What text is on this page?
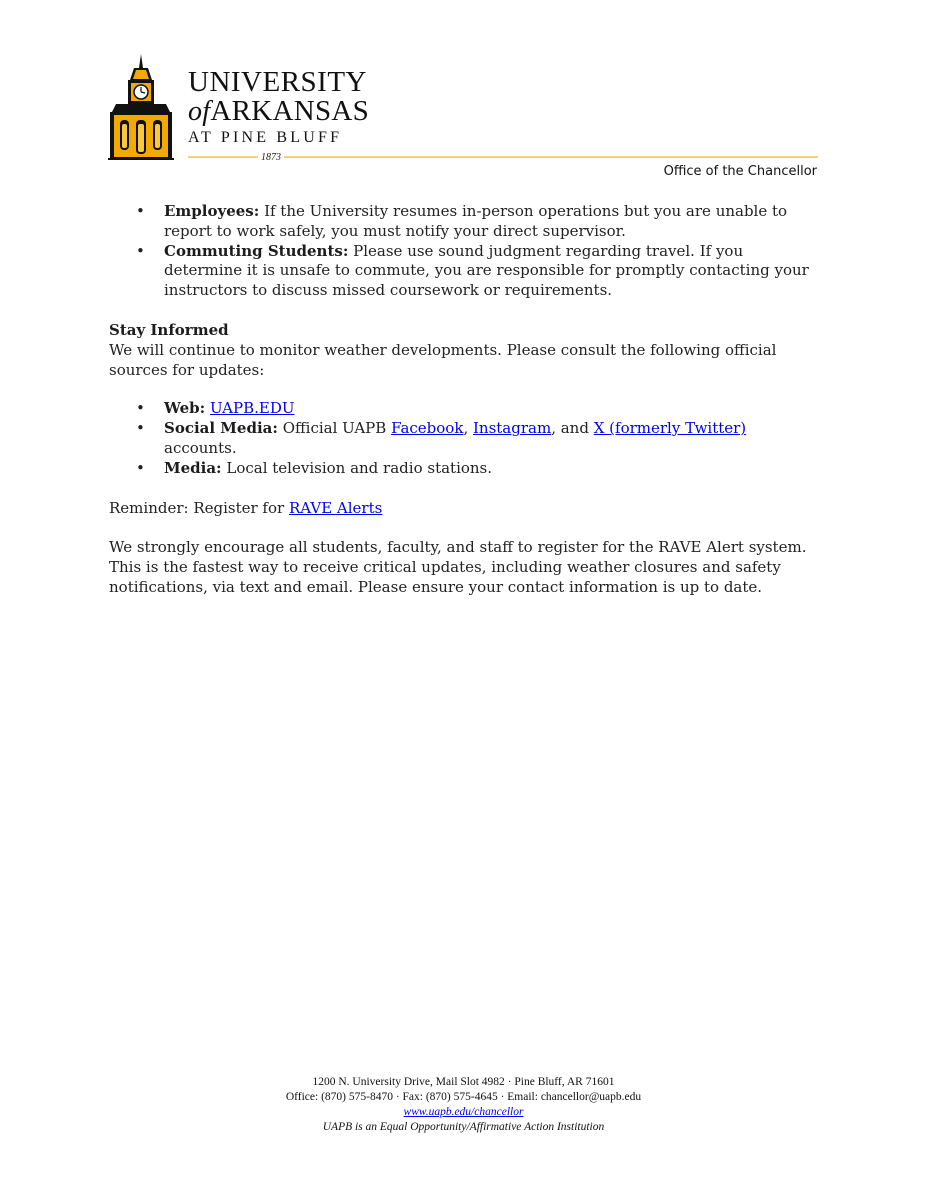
UNIVERSITY
ofARKANSAS
AT PINE BLUFF
1873
Office of the Chancellor
• Employees: If the University resumes in-person operations but you are unable to report to work safely, you must notify your direct supervisor.
• Commuting Students: Please use sound judgment regarding travel. If you determine it is unsafe to commute, you are responsible for promptly contacting your instructors to discuss missed coursework or requirements.

Stay Informed

We will continue to monitor weather developments. Please consult the following official sources for updates:

• Web: UAPB.EDU
• Social Media: Official UAPB Facebook, Instagram, and X (formerly Twitter) accounts.
• Media: Local television and radio stations.

Reminder: Register for RAVE Alerts

We strongly encourage all students, faculty, and staff to register for the RAVE Alert system. This is the fastest way to receive critical updates, including weather closures and safety notifications, via text and email. Please ensure your contact information is up to date.

1200 N. University Drive, Mail Slot 4982 · Pine Bluff, AR 71601
Office: (870) 575-8470 · Fax: (870) 575-4645 · Email: chancellor@uapb.edu
www.uapb.edu/chancellor
UAPB is an Equal Opportunity/Affirmative Action Institution
